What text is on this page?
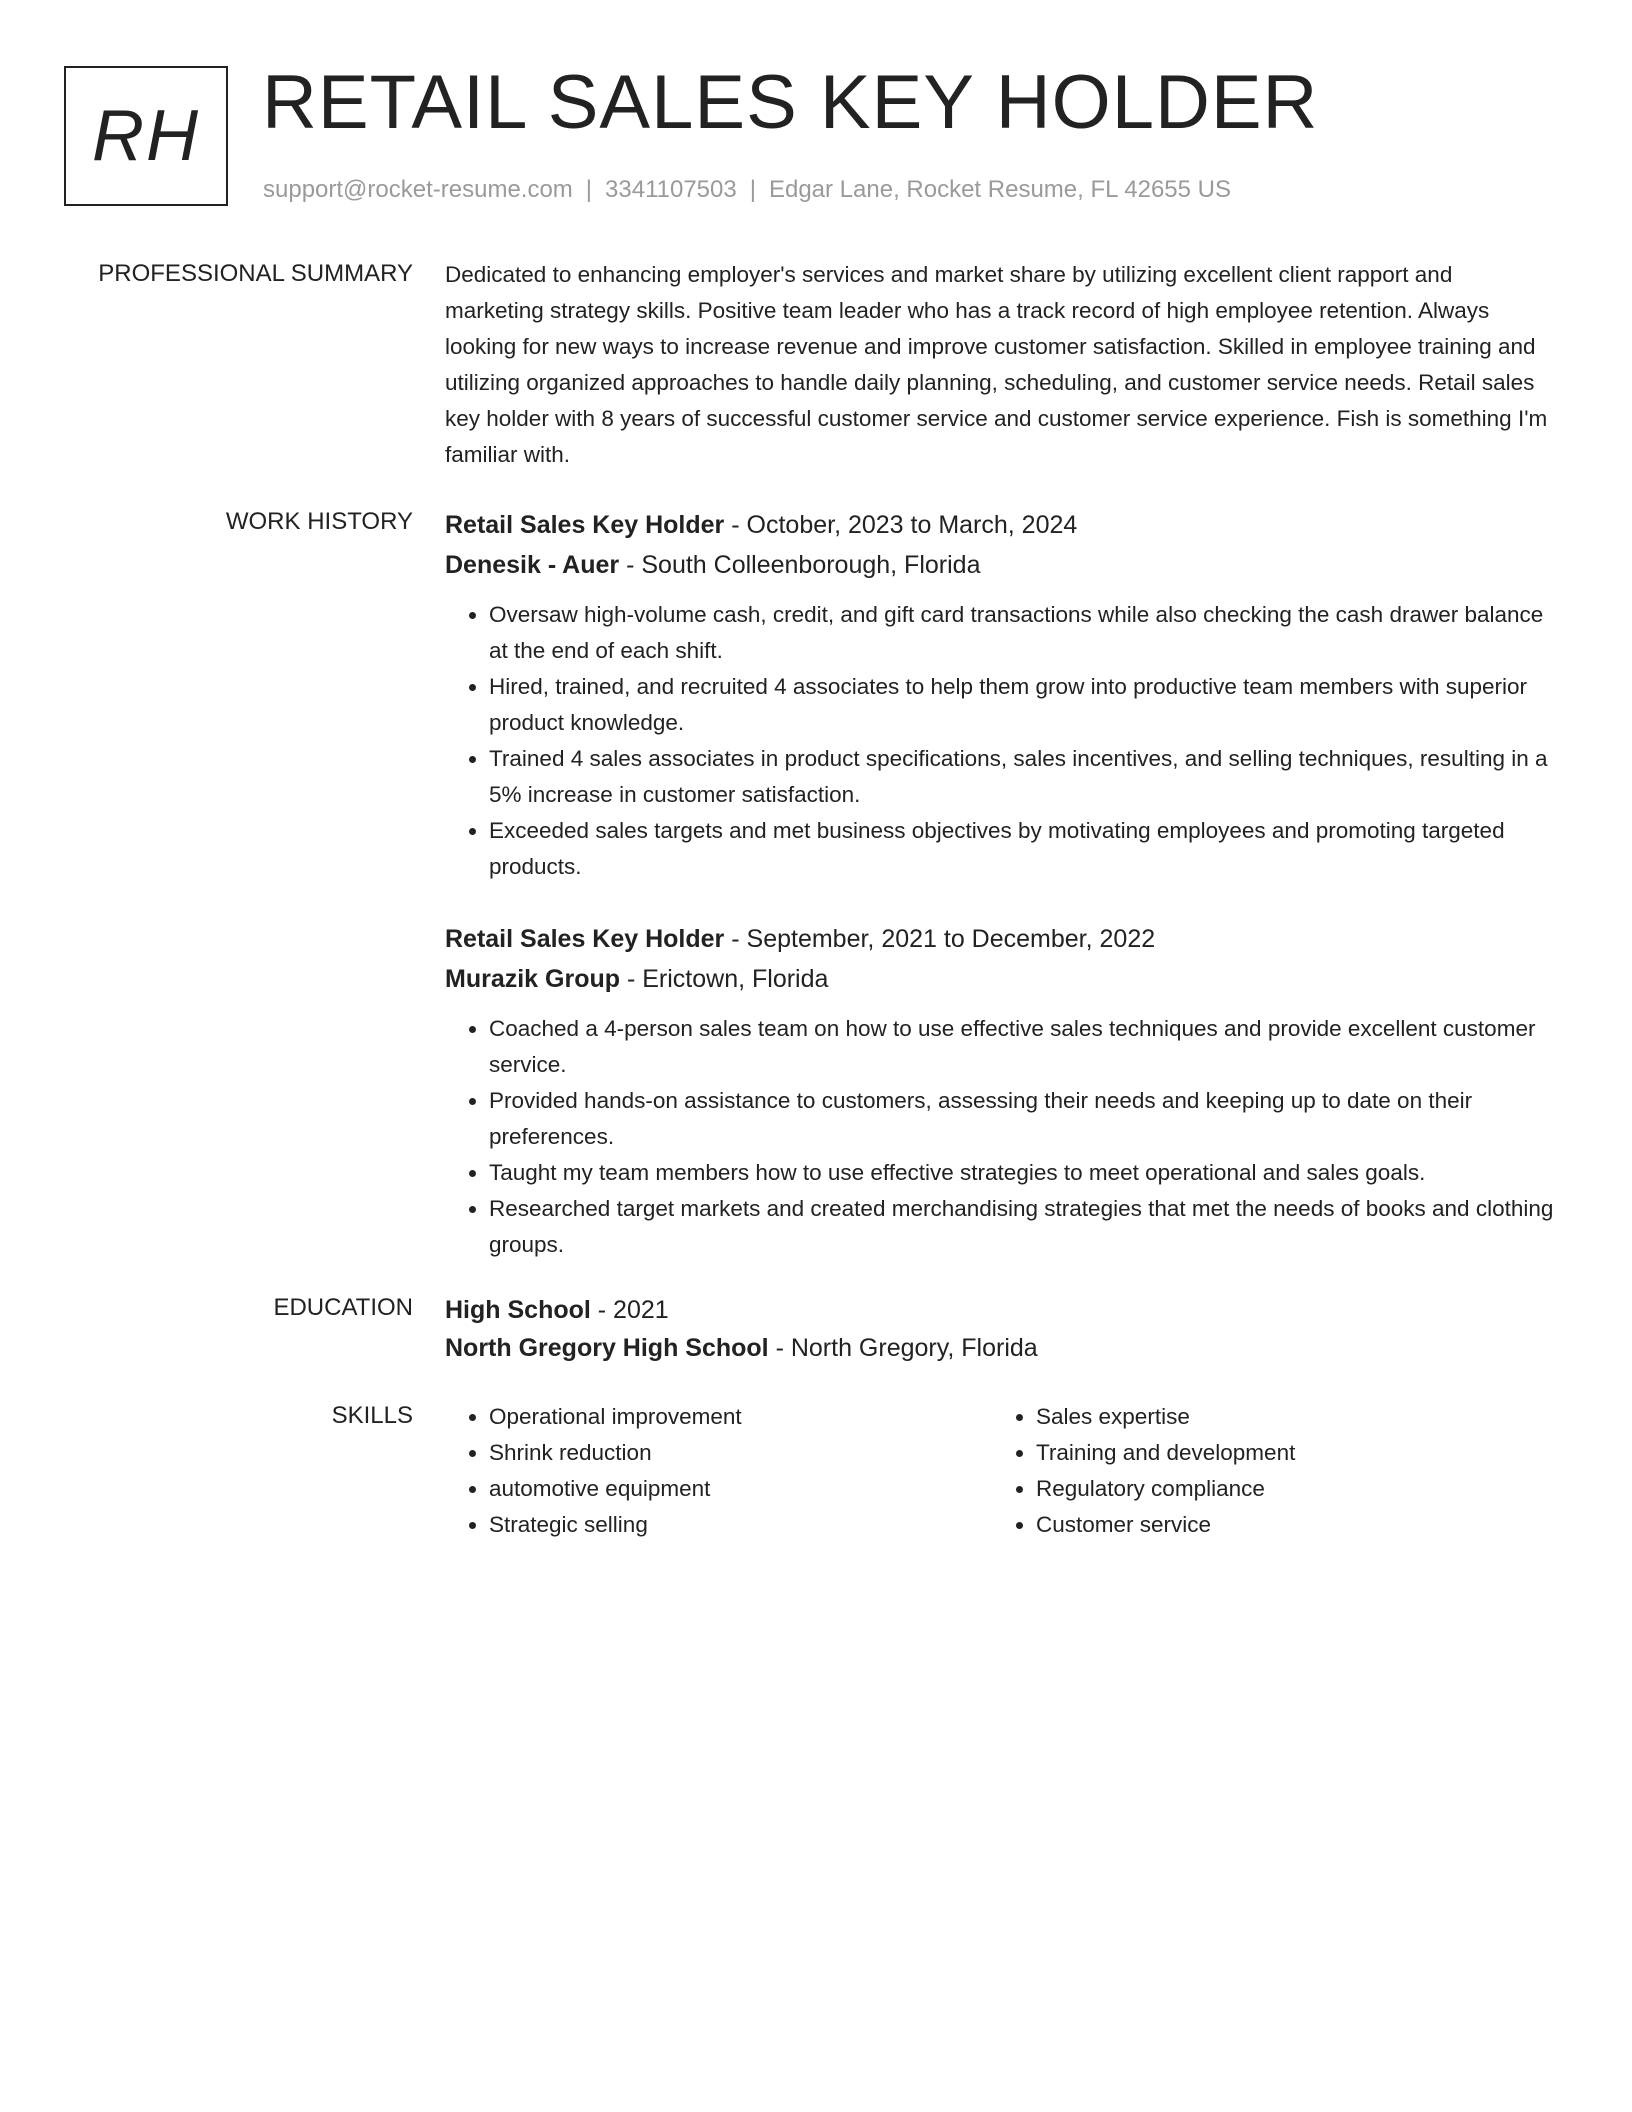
RH RETAIL SALES KEY HOLDER
support@rocket-resume.com | 3341107503 | Edgar Lane, Rocket Resume, FL 42655 US
PROFESSIONAL SUMMARY Dedicated to enhancing employer's services and market share by utilizing excellent client rapport and marketing strategy skills. Positive team leader who has a track record of high employee retention. Always looking for new ways to increase revenue and improve customer satisfaction. Skilled in employee training and utilizing organized approaches to handle daily planning, scheduling, and customer service needs. Retail sales key holder with 8 years of successful customer service and customer service experience. Fish is something I'm familiar with.

WORK HISTORY Retail Sales Key Holder - October, 2023 to March, 2024
Denesik - Auer - South Colleenborough, Florida
• Oversaw high-volume cash, credit, and gift card transactions while also checking the cash drawer balance at the end of each shift.
• Hired, trained, and recruited 4 associates to help them grow into productive team members with superior product knowledge.
• Trained 4 sales associates in product specifications, sales incentives, and selling techniques, resulting in a 5% increase in customer satisfaction.
• Exceeded sales targets and met business objectives by motivating employees and promoting targeted products.
Retail Sales Key Holder - September, 2021 to December, 2022
Murazik Group - Erictown, Florida
• Coached a 4-person sales team on how to use effective sales techniques and provide excellent customer service.
• Provided hands-on assistance to customers, assessing their needs and keeping up to date on their preferences.
• Taught my team members how to use effective strategies to meet operational and sales goals.
• Researched target markets and created merchandising strategies that met the needs of books and clothing groups.
EDUCATION High School - 2021
North Gregory High School - North Gregory, Florida
SKILLS
•	Operational improvement
• Shrink reduction
• automotive equipment
• Strategic selling
• Sales expertise
• Training and development
• Regulatory compliance
• Customer service
